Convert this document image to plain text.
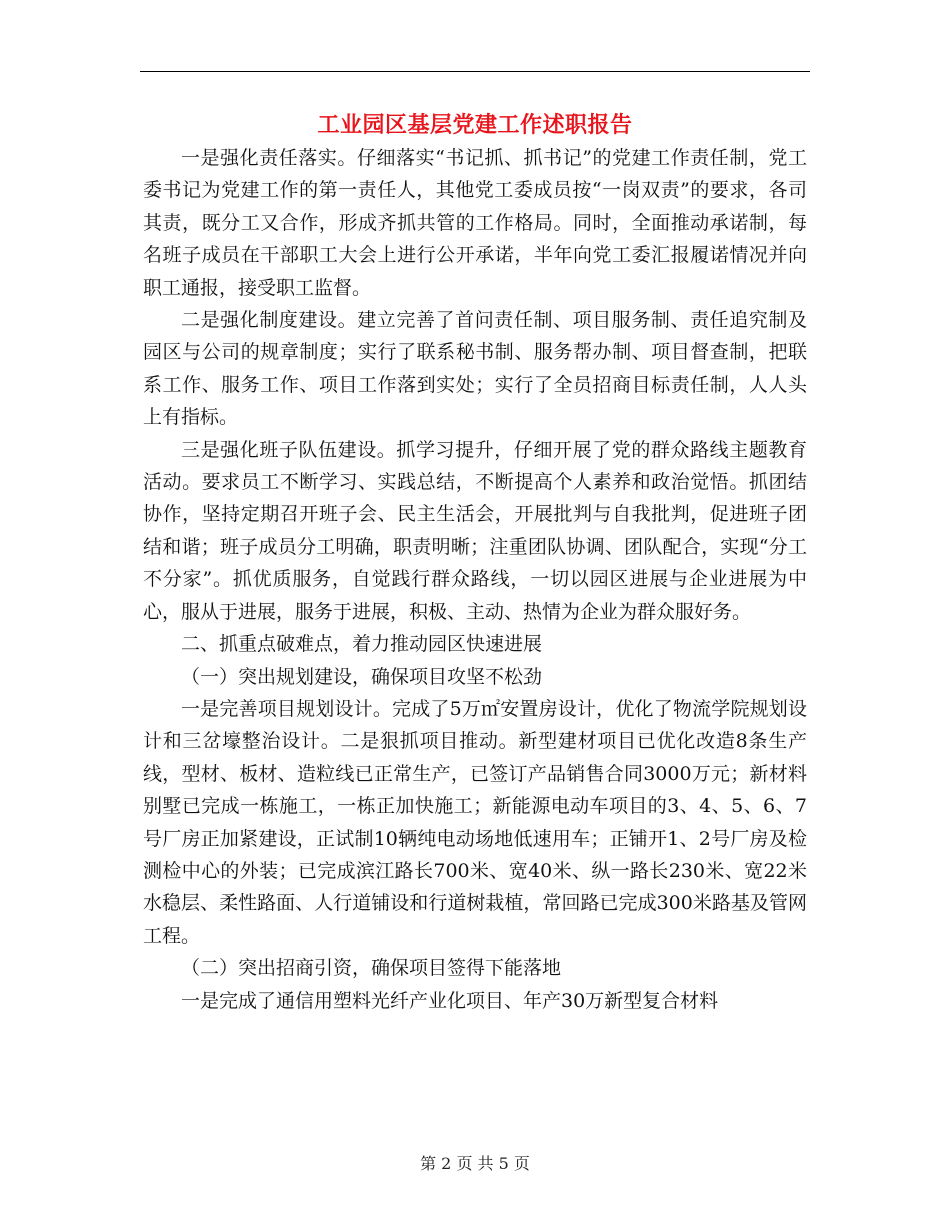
工业园区基层党建工作述职报告

一是强化责任落实。仔细落实“书记抓、抓书记”的党建工作责任制，党工委书记为党建工作的第一责任人，其他党工委成员按“一岗双责”的要求，各司其责，既分工又合作，形成齐抓共管的工作格局。同时，全面推动承诺制，每名班子成员在干部职工大会上进行公开承诺，半年向党工委汇报履诺情况并向职工通报，接受职工监督。

二是强化制度建设。建立完善了首问责任制、项目服务制、责任追究制及园区与公司的规章制度；实行了联系秘书制、服务帮办制、项目督查制，把联系工作、服务工作、项目工作落到实处；实行了全员招商目标责任制，人人头上有指标。

三是强化班子队伍建设。抓学习提升，仔细开展了党的群众路线主题教育活动。要求员工不断学习、实践总结，不断提高个人素养和政治觉悟。抓团结协作，坚持定期召开班子会、民主生活会，开展批判与自我批判，促进班子团结和谐；班子成员分工明确，职责明晰；注重团队协调、团队配合，实现“分工不分家”。抓优质服务，自觉践行群众路线，一切以园区进展与企业进展为中心，服从于进展，服务于进展，积极、主动、热情为企业为群众服好务。

二、抓重点破难点，着力推动园区快速进展

（一）突出规划建设，确保项目攻坚不松劲

一是完善项目规划设计。完成了5万㎡安置房设计，优化了物流学院规划设计和三岔壕整治设计。二是狠抓项目推动。新型建材项目已优化改造8条生产线，型材、板材、造粒线已正常生产，已签订产品销售合同3000万元；新材料别墅已完成一栋施工，一栋正加快施工；新能源电动车项目的3、4、5、6、7号厂房正加紧建设，正试制10辆纯电动场地低速用车；正铺开1、2号厂房及检测检中心的外装；已完成滨江路长700米、宽40米、纵一路长230米、宽22米水稳层、柔性路面、人行道铺设和行道树栽植，常回路已完成300米路基及管网工程。

（二）突出招商引资，确保项目签得下能落地

一是完成了通信用塑料光纤产业化项目、年产30万新型复合材料

第 2 页 共 5 页
